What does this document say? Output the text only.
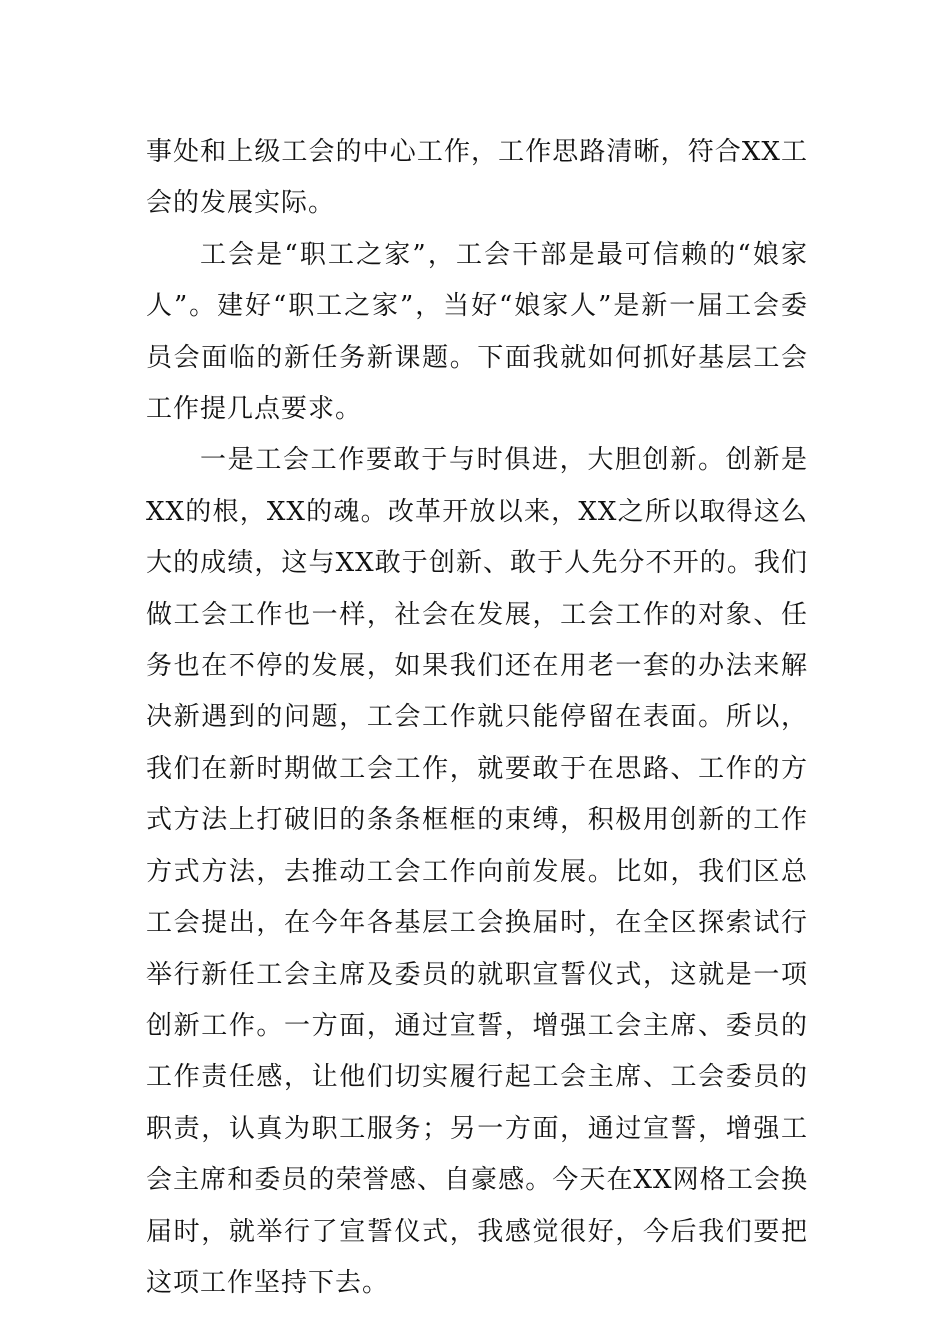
事处和上级工会的中心工作，工作思路清晰，符合XX工会的发展实际。

工会是“职工之家”，工会干部是最可信赖的“娘家人”。建好“职工之家”，当好“娘家人”是新一届工会委员会面临的新任务新课题。下面我就如何抓好基层工会工作提几点要求。

一是工会工作要敢于与时俱进，大胆创新。创新是XX的根，XX的魂。改革开放以来，XX之所以取得这么大的成绩，这与XX敢于创新、敢于人先分不开的。我们做工会工作也一样，社会在发展，工会工作的对象、任务也在不停的发展，如果我们还在用老一套的办法来解决新遇到的问题，工会工作就只能停留在表面。所以，我们在新时期做工会工作，就要敢于在思路、工作的方式方法上打破旧的条条框框的束缚，积极用创新的工作方式方法，去推动工会工作向前发展。比如，我们区总工会提出，在今年各基层工会换届时，在全区探索试行举行新任工会主席及委员的就职宣誓仪式，这就是一项创新工作。一方面，通过宣誓，增强工会主席、委员的工作责任感，让他们切实履行起工会主席、工会委员的职责，认真为职工服务；另一方面，通过宣誓，增强工会主席和委员的荣誉感、自豪感。今天在XX网格工会换届时，就举行了宣誓仪式，我感觉很好，今后我们要把这项工作坚持下去。
